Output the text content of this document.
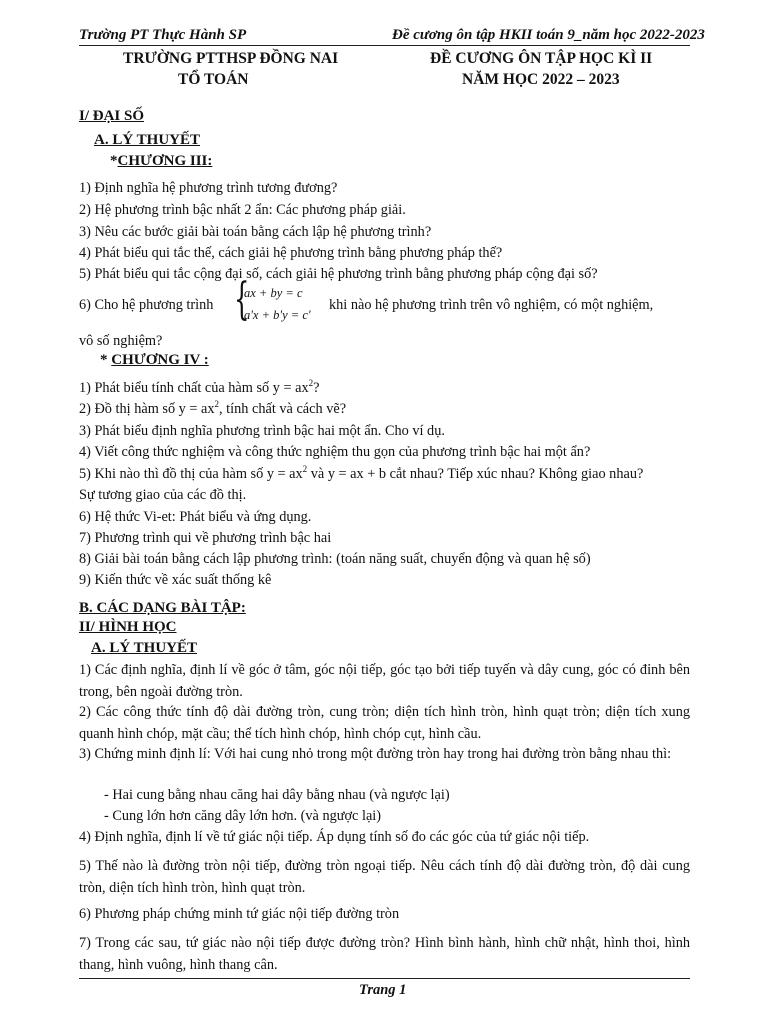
Trường PT Thực Hành SP	Đề cương ôn tập HKII toán 9_năm học 2022-2023
TRƯỜNG PTTHSP ĐỒNG NAI
TỔ TOÁN
ĐỀ CƯƠNG ÔN TẬP HỌC KÌ II
NĂM HỌC 2022 – 2023
I/ ĐẠI SỐ
A. LÝ THUYẾT
*CHƯƠNG III:
1) Định nghĩa hệ phương trình tương đương?
2) Hệ phương trình bậc nhất 2 ẩn: Các phương pháp giải.
3) Nêu các bước giải bài toán bằng cách lập hệ phương trình?
4) Phát biểu qui tắc thế, cách giải hệ phương trình bằng phương pháp thế?
5) Phát biểu qui tắc cộng đại số, cách giải hệ phương trình bằng phương pháp cộng đại số?
6) Cho hệ phương trình {
ax + by = c
a'x + b'y = c'
khi nào hệ phương trình trên vô nghiệm, có một nghiệm,
vô số nghiệm?
* CHƯƠNG IV :
1) Phát biểu tính chất của hàm số $y = ax^2$?
2) Đồ thị hàm số $y = ax^2$, tính chất và cách vẽ?
3) Phát biểu định nghĩa phương trình bậc hai một ẩn. Cho ví dụ.
4) Viết công thức nghiệm và công thức nghiệm thu gọn của phương trình bậc hai một ẩn?
5) Khi nào thì đồ thị của hàm số $y = ax^2$ và y = ax + b cắt nhau? Tiếp xúc nhau? Không giao nhau?
Sự tương giao của các đồ thị.
6) Hệ thức Vi-et: Phát biểu và ứng dụng.
7) Phương trình qui về phương trình bậc hai
8) Giải bài toán bằng cách lập phương trình: (toán năng suất, chuyển động và quan hệ số)
9) Kiến thức về xác suất thống kê
B. CÁC DẠNG BÀI TẬP:
II/ HÌNH HỌC
A. LÝ THUYẾT
1) Các định nghĩa, định lí về góc ở tâm, góc nội tiếp, góc tạo bởi tiếp tuyến và dây cung, góc có đỉnh bên trong, bên ngoài đường tròn.
2) Các công thức tính độ dài đường tròn, cung tròn; diện tích hình tròn, hình quạt tròn; diện tích xung quanh hình chóp, mặt cầu; thể tích hình chóp, hình chóp cụt, hình cầu.
3) Chứng minh định lí: Với hai cung nhỏ trong một đường tròn hay trong hai đường tròn bằng nhau thì:
- Hai cung bằng nhau căng hai dây bằng nhau (và ngược lại)
- Cung lớn hơn căng dây lớn hơn. (và ngược lại)
4) Định nghĩa, định lí về tứ giác nội tiếp. Áp dụng tính số đo các góc của tứ giác nội tiếp.
5) Thế nào là đường tròn nội tiếp, đường tròn ngoại tiếp. Nêu cách tính độ dài đường tròn, độ dài cung tròn, diện tích hình tròn, hình quạt tròn.
6) Phương pháp chứng minh tứ giác nội tiếp đường tròn
7) Trong các sau, tứ giác nào nội tiếp được đường tròn? Hình bình hành, hình chữ nhật, hình thoi, hình thang, hình vuông, hình thang cân.
Trang 1
